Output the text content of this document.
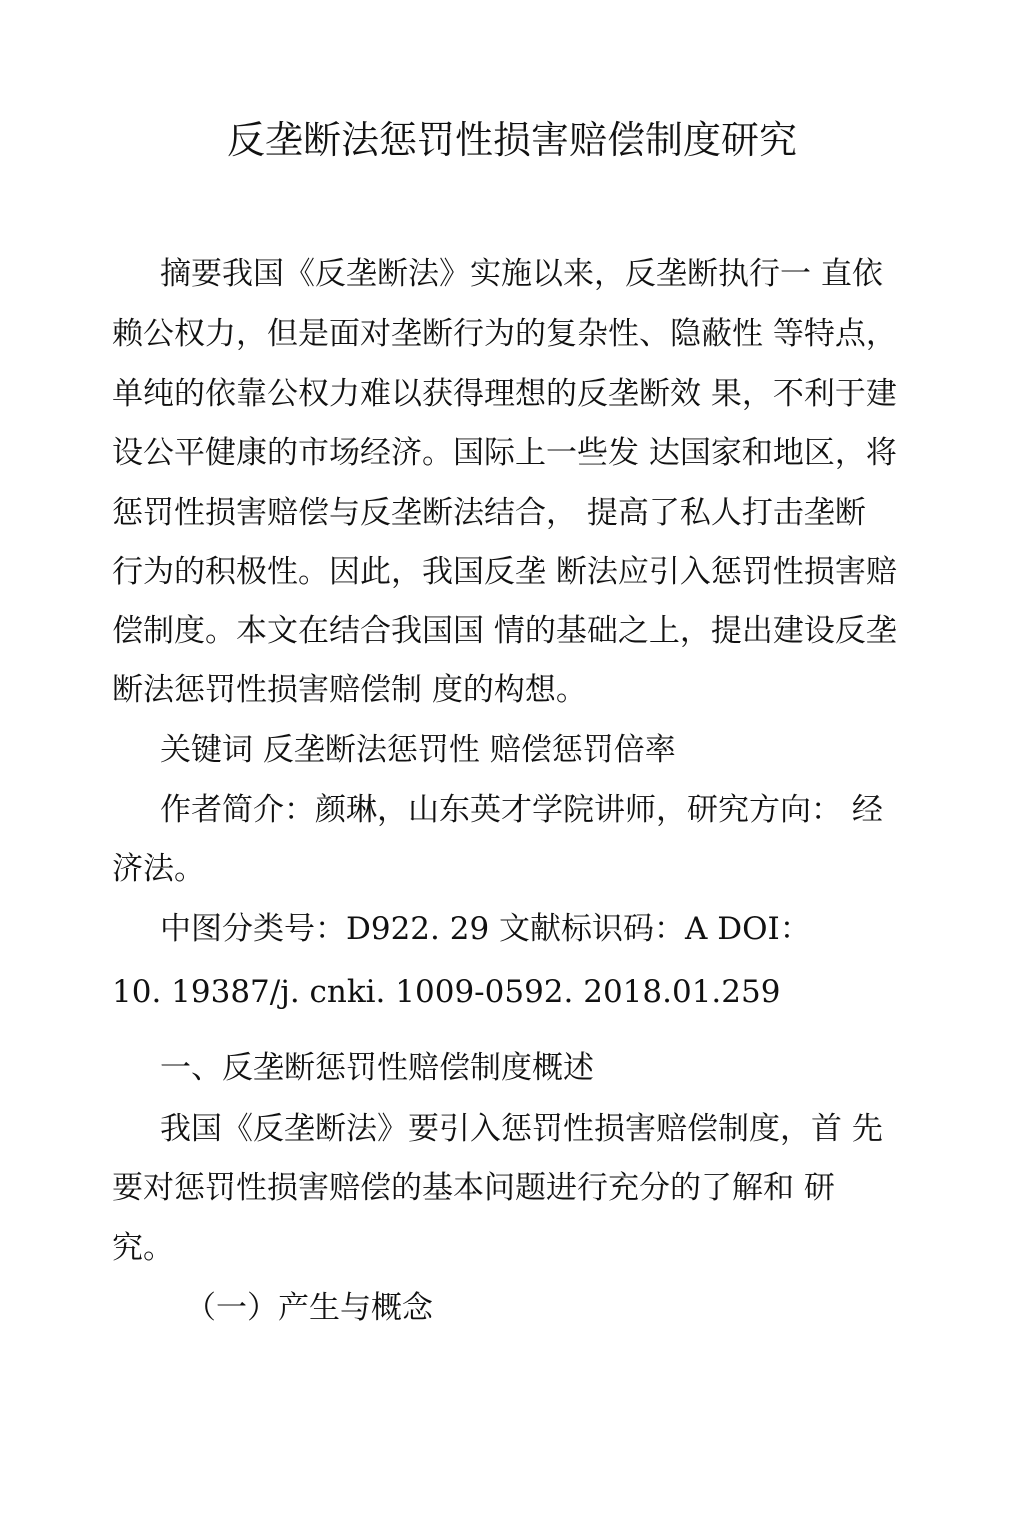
反垄断法惩罚性损害赔偿制度研究
摘要我国《反垄断法》实施以来，反垄断执行一 直依
赖公权力，但是面对垄断行为的复杂性、隐蔽性 等特点，
单纯的依靠公权力难以获得理想的反垄断效 果，不利于建
设公平健康的市场经济。国际上一些发 达国家和地区，将
惩罚性损害赔偿与反垄断法结合， 提高了私人打击垄断
行为的积极性。因此，我国反垄 断法应引入惩罚性损害赔
偿制度。本文在结合我国国 情的基础之上，提出建设反垄
断法惩罚性损害赔偿制 度的构想。
关键词 反垄断法惩罚性 赔偿惩罚倍率
作者简介：颜琳，山东英才学院讲师，研究方向： 经
济法。
中图分类号：D922. 29 文献标识码：A DOI：
10. 19387/j. cnki. 1009-0592. 2018.01.259
一、反垄断惩罚性赔偿制度概述
我国《反垄断法》要引入惩罚性损害赔偿制度，首 先
要对惩罚性损害赔偿的基本问题进行充分的了解和 研
究。
（一）产生与概念
